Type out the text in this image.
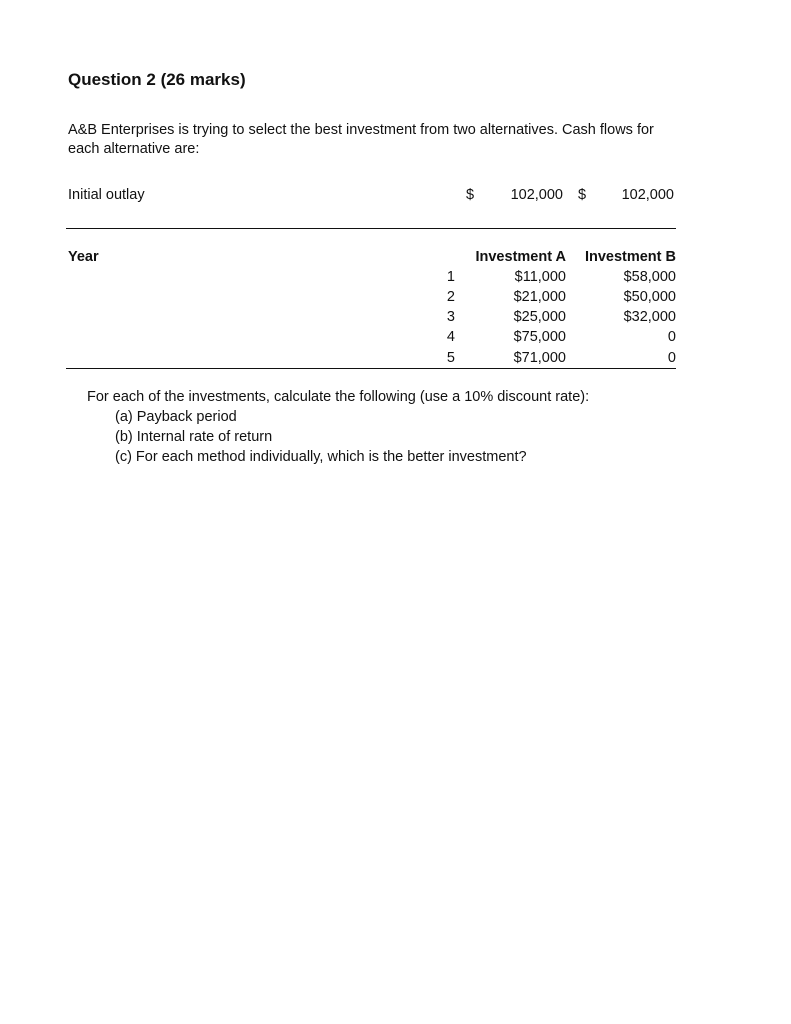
Question 2 (26 marks)
A&B Enterprises is trying to select the best investment from two alternatives. Cash flows for each alternative are:
Initial outlay	$	102,000 $	102,000
Year	Investment A	Investment B
1	$11,000	$58,000
2	$21,000	$50,000
3	$25,000	$32,000
4	$75,000	0
5	$71,000	0
For each of the investments, calculate the following (use a 10% discount rate):
(a) Payback period
(b) Internal rate of return
(c) For each method individually, which is the better investment?
